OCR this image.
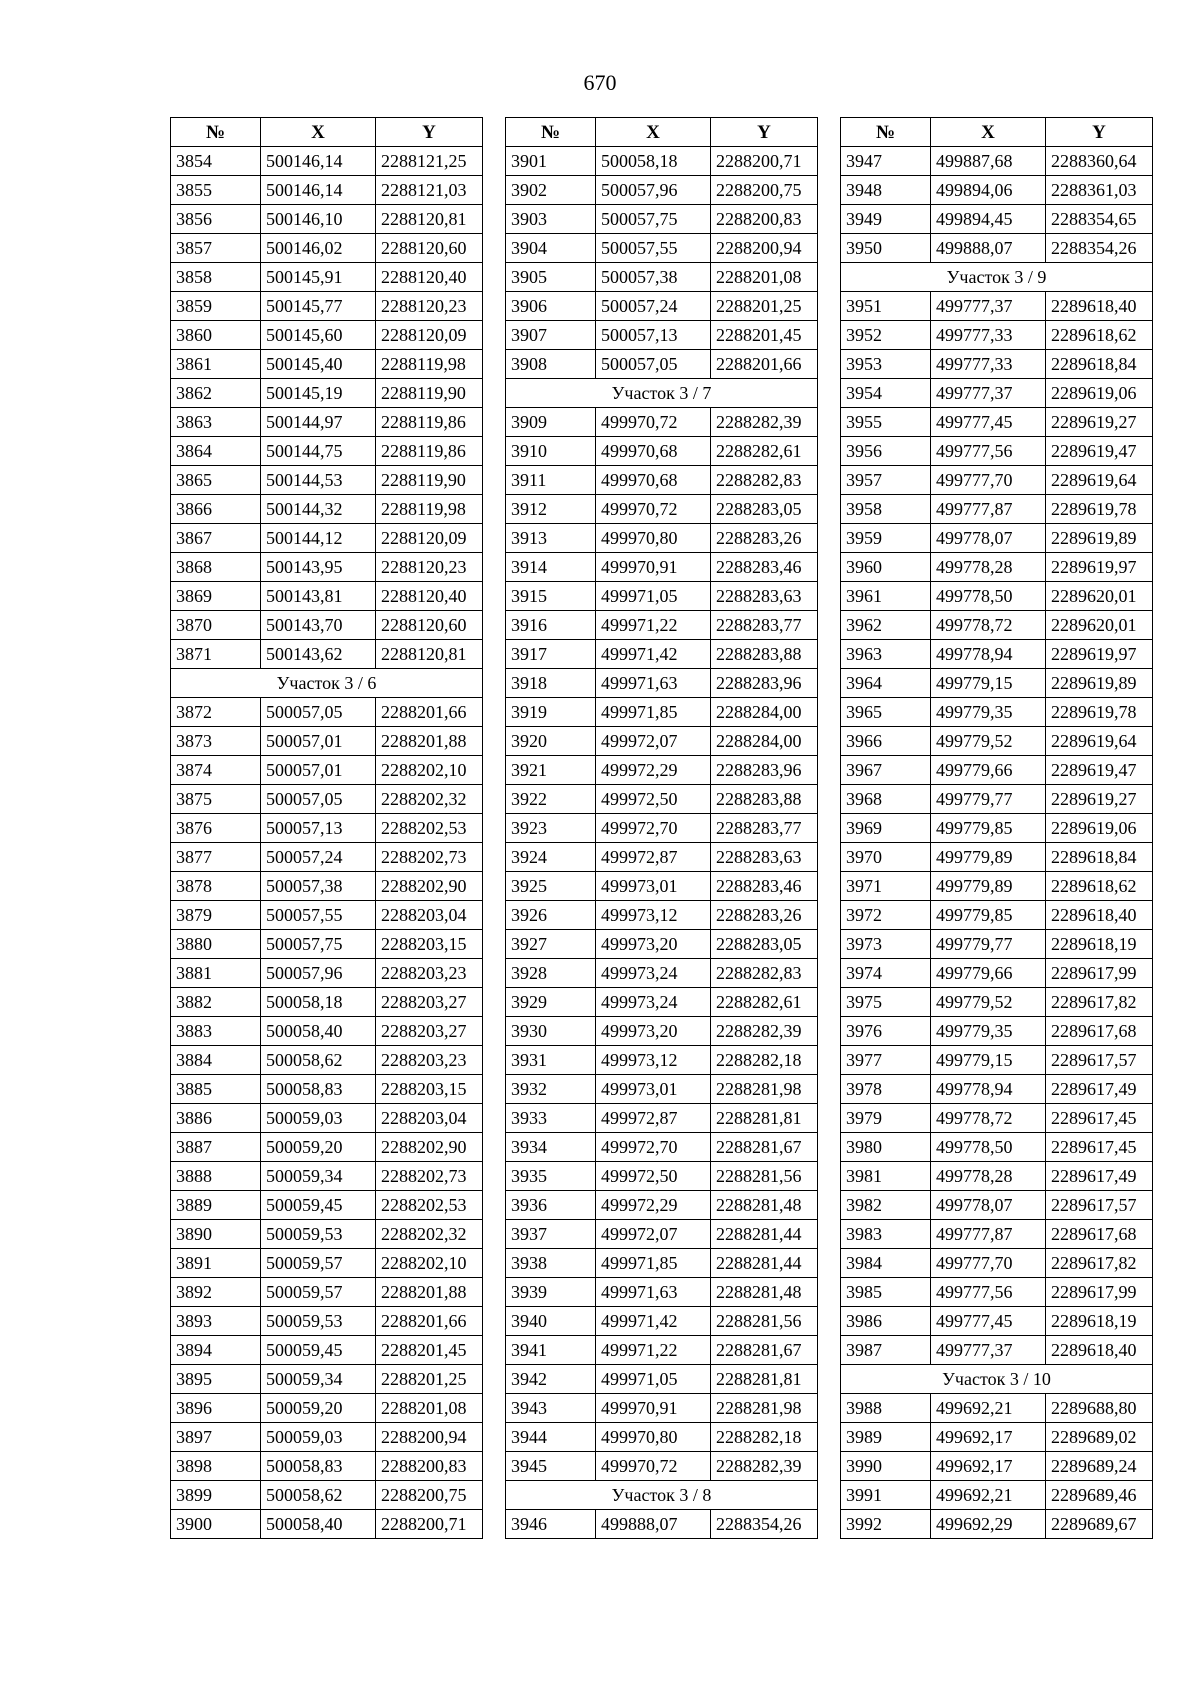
670
№	X	Y
3854	500146,14	2288121,25
3855	500146,14	2288121,03
3856	500146,10	2288120,81
3857	500146,02	2288120,60
3858	500145,91	2288120,40
3859	500145,77	2288120,23
3860	500145,60	2288120,09
3861	500145,40	2288119,98
3862	500145,19	2288119,90
3863	500144,97	2288119,86
3864	500144,75	2288119,86
3865	500144,53	2288119,90
3866	500144,32	2288119,98
3867	500144,12	2288120,09
3868	500143,95	2288120,23
3869	500143,81	2288120,40
3870	500143,70	2288120,60
3871	500143,62	2288120,81
Участок 3 / 6		
3872	500057,05	2288201,66
3873	500057,01	2288201,88
3874	500057,01	2288202,10
3875	500057,05	2288202,32
3876	500057,13	2288202,53
3877	500057,24	2288202,73
3878	500057,38	2288202,90
3879	500057,55	2288203,04
3880	500057,75	2288203,15
3881	500057,96	2288203,23
3882	500058,18	2288203,27
3883	500058,40	2288203,27
3884	500058,62	2288203,23
3885	500058,83	2288203,15
3886	500059,03	2288203,04
3887	500059,20	2288202,90
3888	500059,34	2288202,73
3889	500059,45	2288202,53
3890	500059,53	2288202,32
3891	500059,57	2288202,10
3892	500059,57	2288201,88
3893	500059,53	2288201,66
3894	500059,45	2288201,45
3895	500059,34	2288201,25
3896	500059,20	2288201,08
3897	500059,03	2288200,94
3898	500058,83	2288200,83
3899	500058,62	2288200,75
3900	500058,40	2288200,71
№	X	Y
3901	500058,18	2288200,71
3902	500057,96	2288200,75
3903	500057,75	2288200,83
3904	500057,55	2288200,94
3905	500057,38	2288201,08
3906	500057,24	2288201,25
3907	500057,13	2288201,45
3908	500057,05	2288201,66
Участок 3 / 7		
3909	499970,72	2288282,39
3910	499970,68	2288282,61
3911	499970,68	2288282,83
3912	499970,72	2288283,05
3913	499970,80	2288283,26
3914	499970,91	2288283,46
3915	499971,05	2288283,63
3916	499971,22	2288283,77
3917	499971,42	2288283,88
3918	499971,63	2288283,96
3919	499971,85	2288284,00
3920	499972,07	2288284,00
3921	499972,29	2288283,96
3922	499972,50	2288283,88
3923	499972,70	2288283,77
3924	499972,87	2288283,63
3925	499973,01	2288283,46
3926	499973,12	2288283,26
3927	499973,20	2288283,05
3928	499973,24	2288282,83
3929	499973,24	2288282,61
3930	499973,20	2288282,39
3931	499973,12	2288282,18
3932	499973,01	2288281,98
3933	499972,87	2288281,81
3934	499972,70	2288281,67
3935	499972,50	2288281,56
3936	499972,29	2288281,48
3937	499972,07	2288281,44
3938	499971,85	2288281,44
3939	499971,63	2288281,48
3940	499971,42	2288281,56
3941	499971,22	2288281,67
3942	499971,05	2288281,81
3943	499970,91	2288281,98
3944	499970,80	2288282,18
3945	499970,72	2288282,39
Участок 3 / 8		
3946	499888,07	2288354,26
№	X	Y
3947	499887,68	2288360,64
3948	499894,06	2288361,03
3949	499894,45	2288354,65
3950	499888,07	2288354,26
Участок 3 / 9		
3951	499777,37	2289618,40
3952	499777,33	2289618,62
3953	499777,33	2289618,84
3954	499777,37	2289619,06
3955	499777,45	2289619,27
3956	499777,56	2289619,47
3957	499777,70	2289619,64
3958	499777,87	2289619,78
3959	499778,07	2289619,89
3960	499778,28	2289619,97
3961	499778,50	2289620,01
3962	499778,72	2289620,01
3963	499778,94	2289619,97
3964	499779,15	2289619,89
3965	499779,35	2289619,78
3966	499779,52	2289619,64
3967	499779,66	2289619,47
3968	499779,77	2289619,27
3969	499779,85	2289619,06
3970	499779,89	2289618,84
3971	499779,89	2289618,62
3972	499779,85	2289618,40
3973	499779,77	2289618,19
3974	499779,66	2289617,99
3975	499779,52	2289617,82
3976	499779,35	2289617,68
3977	499779,15	2289617,57
3978	499778,94	2289617,49
3979	499778,72	2289617,45
3980	499778,50	2289617,45
3981	499778,28	2289617,49
3982	499778,07	2289617,57
3983	499777,87	2289617,68
3984	499777,70	2289617,82
3985	499777,56	2289617,99
3986	499777,45	2289618,19
3987	499777,37	2289618,40
Участок 3 / 10		
3988	499692,21	2289688,80
3989	499692,17	2289689,02
3990	499692,17	2289689,24
3991	499692,21	2289689,46
3992	499692,29	2289689,67
